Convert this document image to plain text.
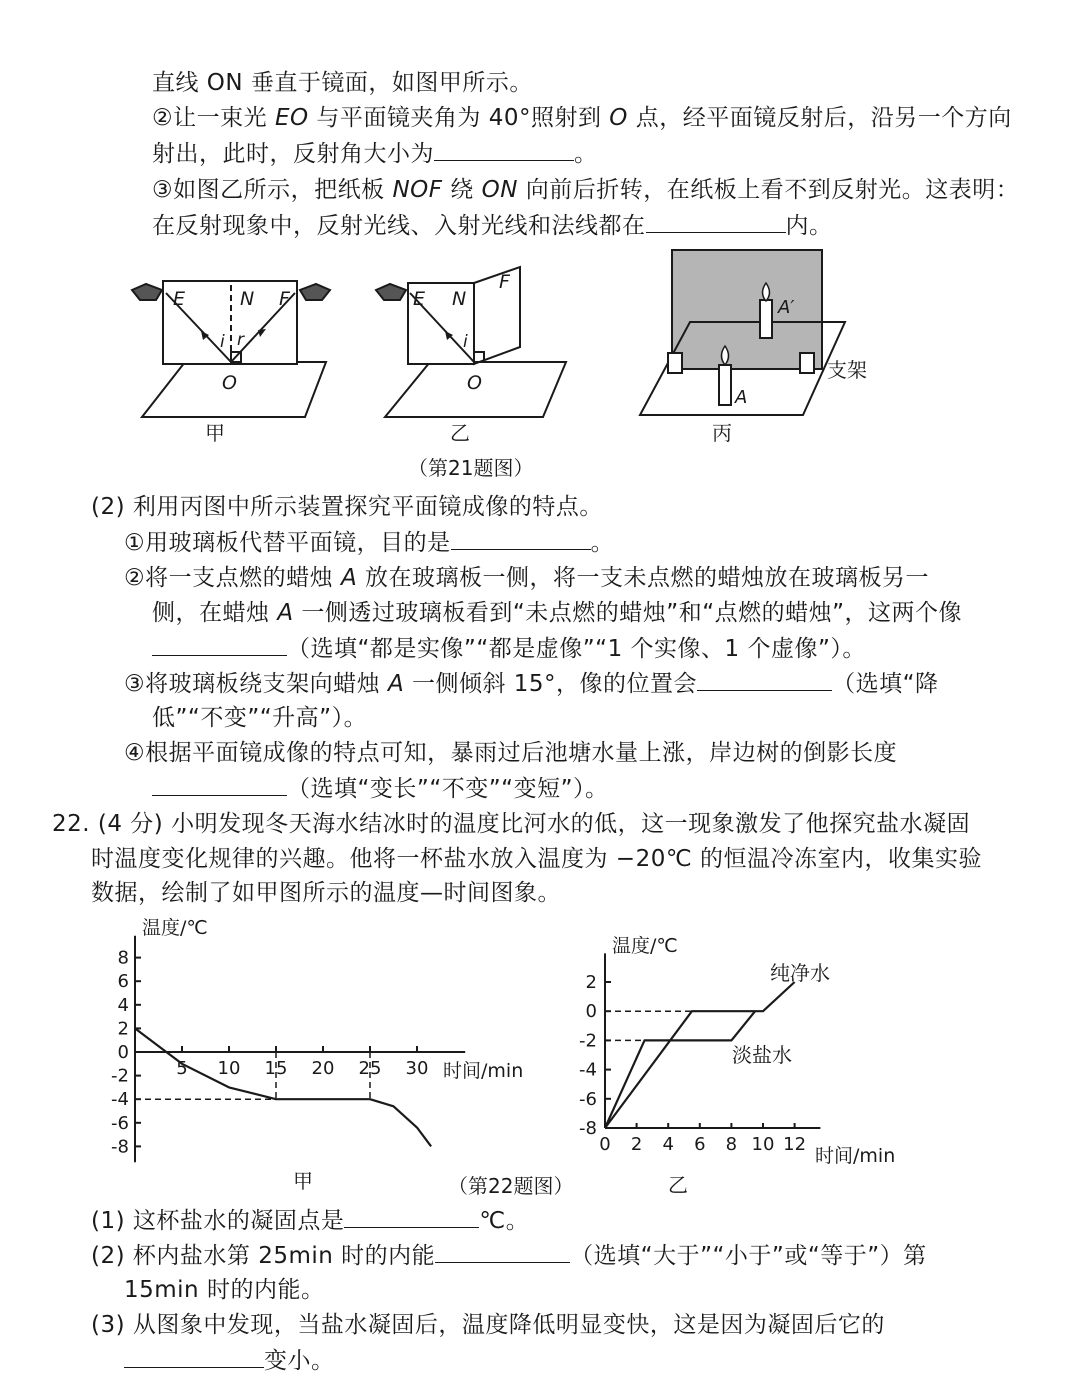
直线 ON 垂直于镜面，如图甲所示。
②让一束光 EO 与平面镜夹角为 40°照射到 O 点，经平面镜反射后，沿另一个方向
射出，此时，反射角大小为	。
③如图乙所示，把纸板 NOF 绕 ON 向前后折转，在纸板上看不到反射光。这表明：
在反射现象中，反射光线、入射光线和法线都在	内。
E	N F
i r
O
甲
E N
F
i
O
乙
A′
A
支架
丙
（第21题图）
(2) 利用丙图中所示装置探究平面镜成像的特点。
①用玻璃板代替平面镜，目的是	。
②将一支点燃的蜡烛 A 放在玻璃板一侧，将一支未点燃的蜡烛放在玻璃板另一
侧，在蜡烛 A 一侧透过玻璃板看到“未点燃的蜡烛”和“点燃的蜡烛”，这两个像
（选填“都是实像”“都是虚像”“1 个实像、1 个虚像”）。
③将玻璃板绕支架向蜡烛 A 一侧倾斜 15°，像的位置会	（选填“降
低”“不变”“升高”）。
④根据平面镜成像的特点可知，暴雨过后池塘水量上涨，岸边树的倒影长度
（选填“变长”“不变”“变短”）。
22. (4 分) 小明发现冬天海水结冰时的温度比河水的低，这一现象激发了他探究盐水凝固
时温度变化规律的兴趣。他将一杯盐水放入温度为 −20℃ 的恒温冷冻室内，收集实验
数据，绘制了如甲图所示的温度—时间图象。
8
6
4
2
0
-2
-4
-6
-8
5 10 15 20 25 30
温度/℃
时间/min
甲	（第22题图）
2
0
-2
-4
-6
-8
0 2 4 6 8 10 12
温度/℃
时间/min
纯净水
淡盐水
乙
(1) 这杯盐水的凝固点是	℃。
(2) 杯内盐水第 25min 时的内能	（选填“大于”“小于”或“等于”）第
15min 时的内能。
(3) 从图象中发现，当盐水凝固后，温度降低明显变快，这是因为凝固后它的
变小。
